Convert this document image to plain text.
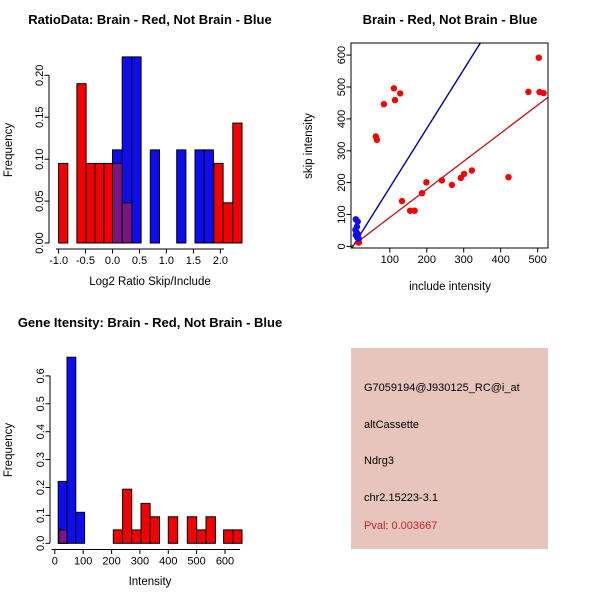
-1.0 -0.5 0.0 0.5 1.0 1.5 2.0
0.00
0.05
0.10
0.15
0.20
RatioData: Brain - Red, Not Brain - Blue
Log2 Ratio Skip/Include
Frequency
100 200 300 400 500
0
100
200
300
400
500
600
Brain - Red, Not Brain - Blue
include intensity
skip intensity
0 100 200 300 400 500 600
0.0
0.1
0.2
0.3
0.4
0.5
0.6
Gene Itensity: Brain - Red, Not Brain - Blue
Intensity
Frequency
G7059194@J930125_RC@i_at
altCassette
Ndrg3
chr2.15223-3.1
Pval: 0.003667
